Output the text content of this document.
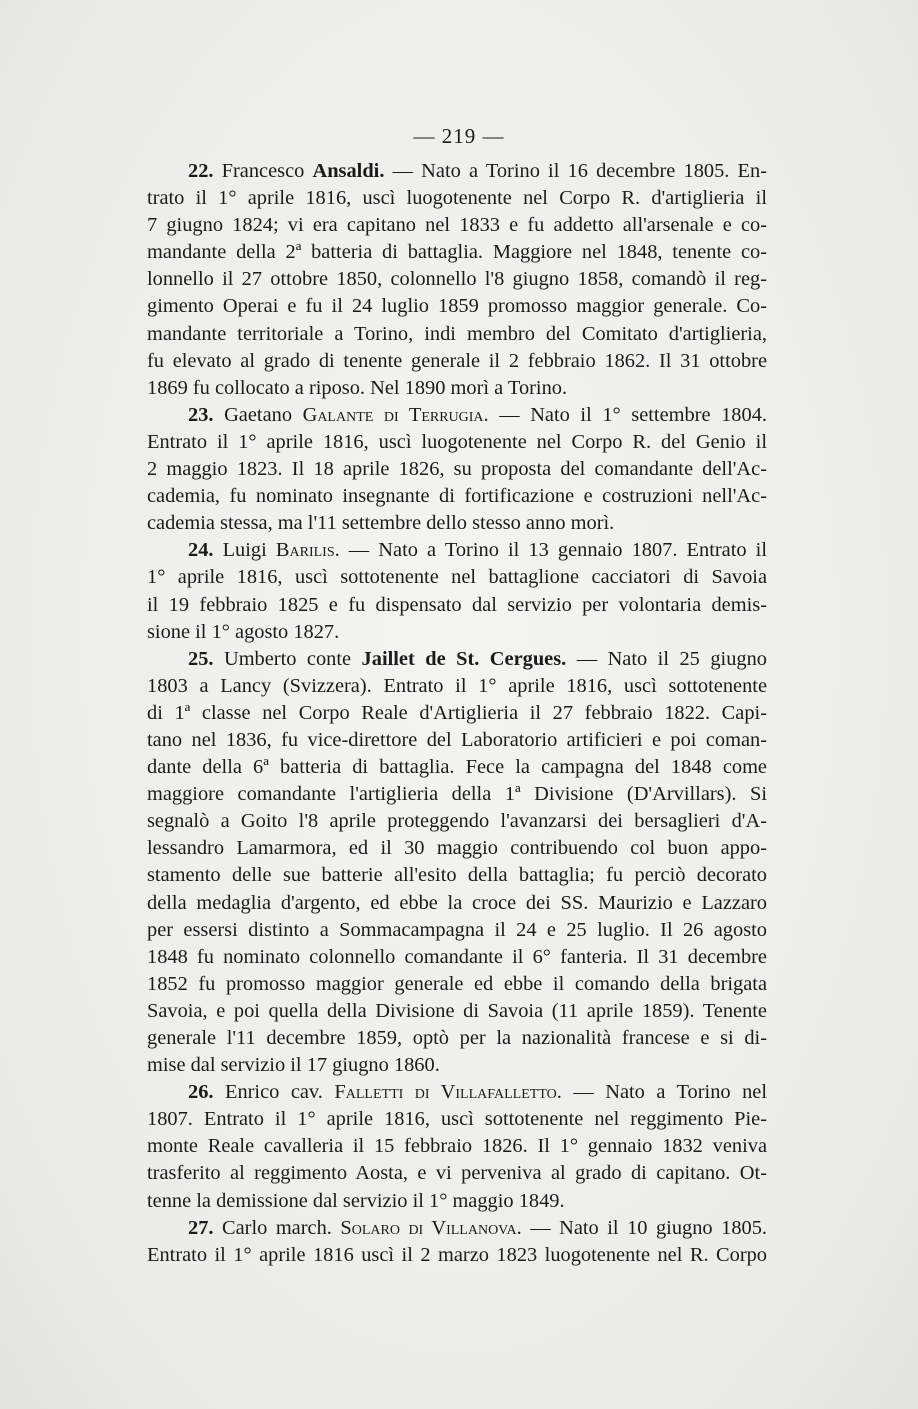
— 219 —
22. Francesco Ansaldi. — Nato a Torino il 16 decembre 1805. En-
trato il 1° aprile 1816, uscì luogotenente nel Corpo R. d'artiglieria il
7 giugno 1824; vi era capitano nel 1833 e fu addetto all'arsenale e co-
mandante della 2ª batteria di battaglia. Maggiore nel 1848, tenente co-
lonnello il 27 ottobre 1850, colonnello l'8 giugno 1858, comandò il reg-
gimento Operai e fu il 24 luglio 1859 promosso maggior generale. Co-
mandante territoriale a Torino, indi membro del Comitato d'artiglieria,
fu elevato al grado di tenente generale il 2 febbraio 1862. Il 31 ottobre
1869 fu collocato a riposo. Nel 1890 morì a Torino.
23. Gaetano Galante di Terrugia. — Nato il 1° settembre 1804.
Entrato il 1° aprile 1816, uscì luogotenente nel Corpo R. del Genio il
2 maggio 1823. Il 18 aprile 1826, su proposta del comandante dell'Ac-
cademia, fu nominato insegnante di fortificazione e costruzioni nell'Ac-
cademia stessa, ma l'11 settembre dello stesso anno morì.
24. Luigi Barilis. — Nato a Torino il 13 gennaio 1807. Entrato il
1° aprile 1816, uscì sottotenente nel battaglione cacciatori di Savoia
il 19 febbraio 1825 e fu dispensato dal servizio per volontaria demis-
sione il 1° agosto 1827.
25. Umberto conte Jaillet de St. Cergues. — Nato il 25 giugno
1803 a Lancy (Svizzera). Entrato il 1° aprile 1816, uscì sottotenente
di 1ª classe nel Corpo Reale d'Artiglieria il 27 febbraio 1822. Capi-
tano nel 1836, fu vice-direttore del Laboratorio artificieri e poi coman-
dante della 6ª batteria di battaglia. Fece la campagna del 1848 come
maggiore comandante l'artiglieria della 1ª Divisione (D'Arvillars). Si
segnalò a Goito l'8 aprile proteggendo l'avanzarsi dei bersaglieri d'A-
lessandro Lamarmora, ed il 30 maggio contribuendo col buon appo-
stamento delle sue batterie all'esito della battaglia; fu perciò decorato
della medaglia d'argento, ed ebbe la croce dei SS. Maurizio e Lazzaro
per essersi distinto a Sommacampagna il 24 e 25 luglio. Il 26 agosto
1848 fu nominato colonnello comandante il 6° fanteria. Il 31 decembre
1852 fu promosso maggior generale ed ebbe il comando della brigata
Savoia, e poi quella della Divisione di Savoia (11 aprile 1859). Tenente
generale l'11 decembre 1859, optò per la nazionalità francese e si di-
mise dal servizio il 17 giugno 1860.
26. Enrico cav. Falletti di Villafalletto. — Nato a Torino nel
1807. Entrato il 1° aprile 1816, uscì sottotenente nel reggimento Pie-
monte Reale cavalleria il 15 febbraio 1826. Il 1° gennaio 1832 veniva
trasferito al reggimento Aosta, e vi perveniva al grado di capitano. Ot-
tenne la demissione dal servizio il 1° maggio 1849.
27. Carlo march. Solaro di Villanova. — Nato il 10 giugno 1805.
Entrato il 1° aprile 1816 uscì il 2 marzo 1823 luogotenente nel R. Corpo
